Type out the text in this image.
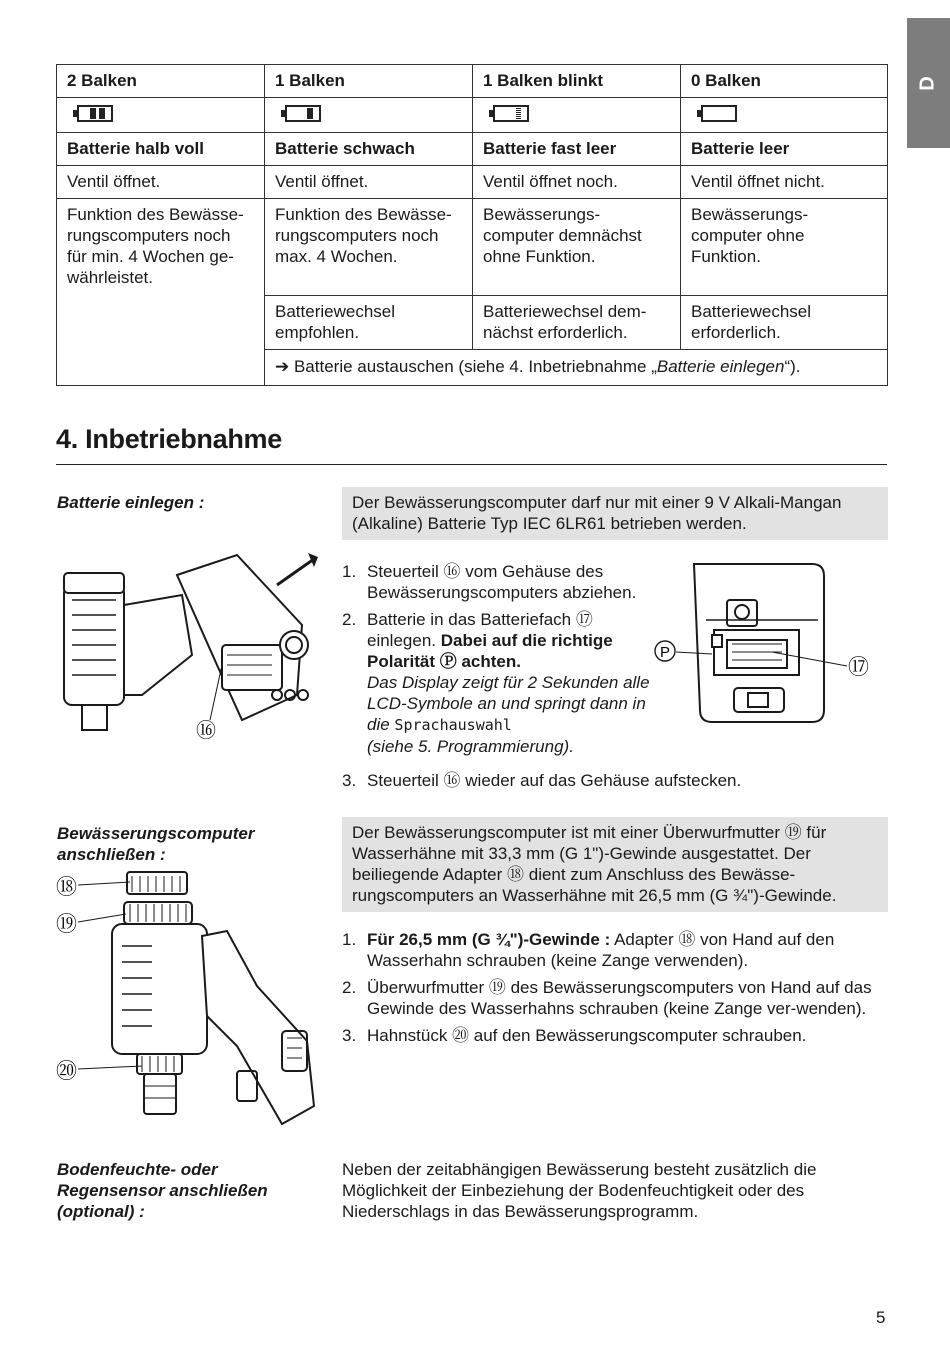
D
2 Balken	1 Balken	1 Balken blinkt	0 Balken

Batterie halb voll	Batterie schwach	Batterie fast leer	Batterie leer
Ventil öffnet.	Ventil öffnet.	Ventil öffnet noch.	Ventil öffnet nicht.
Funktion des Bewässe-rungscomputers noch für min. 4 Wochen ge-währleistet.	Funktion des Bewässe-rungscomputers noch max. 4 Wochen.	Bewässerungs-computer demnächst ohne Funktion.	Bewässerungs-computer ohne Funktion.
	Batteriewechsel empfohlen.	Batteriewechsel dem-nächst erforderlich.	Batteriewechsel erforderlich.
	➔ Batterie austauschen (siehe 4. Inbetriebnahme „Batterie einlegen“).		
4. Inbetriebnahme
Batterie einlegen :	Der Bewässerungscomputer darf nur mit einer 9 V Alkali-Mangan (Alkaline) Batterie Typ IEC 6LR61 betrieben werden.
⑯
1. Steuerteil ⑯ vom Gehäuse des Bewässerungscomputers abziehen.
2. Batterie in das Batteriefach ⑰ einlegen. Dabei auf die richtige Polarität Ⓟ achten.
Das Display zeigt für 2 Sekunden alle LCD-Symbole an und springt dann in die Sprachauswahl
(siehe 5. Programmierung).
3. Steuerteil ⑯ wieder auf das Gehäuse aufstecken.
P
⑰
Bewässerungscomputer anschließen :
Der Bewässerungscomputer ist mit einer Überwurfmutter ⑲ für Wasserhähne mit 33,3 mm (G 1")-Gewinde ausgestattet. Der beiliegende Adapter ⑱ dient zum Anschluss des Bewässe-rungscomputers an Wasserhähne mit 26,5 mm (G ¾")-Gewinde.
⑱
⑲
⑳
1. Für 26,5 mm (G ¾")-Gewinde : Adapter ⑱ von Hand auf den Wasserhahn schrauben (keine Zange verwenden).
2. Überwurfmutter ⑲ des Bewässerungscomputers von Hand auf das Gewinde des Wasserhahns schrauben (keine Zange ver-wenden).
3. Hahnstück ⑳ auf den Bewässerungscomputer schrauben.
Bodenfeuchte- oder Regensensor anschließen (optional) :
Neben der zeitabhängigen Bewässerung besteht zusätzlich die Möglichkeit der Einbeziehung der Bodenfeuchtigkeit oder des Niederschlags in das Bewässerungsprogramm.
5
